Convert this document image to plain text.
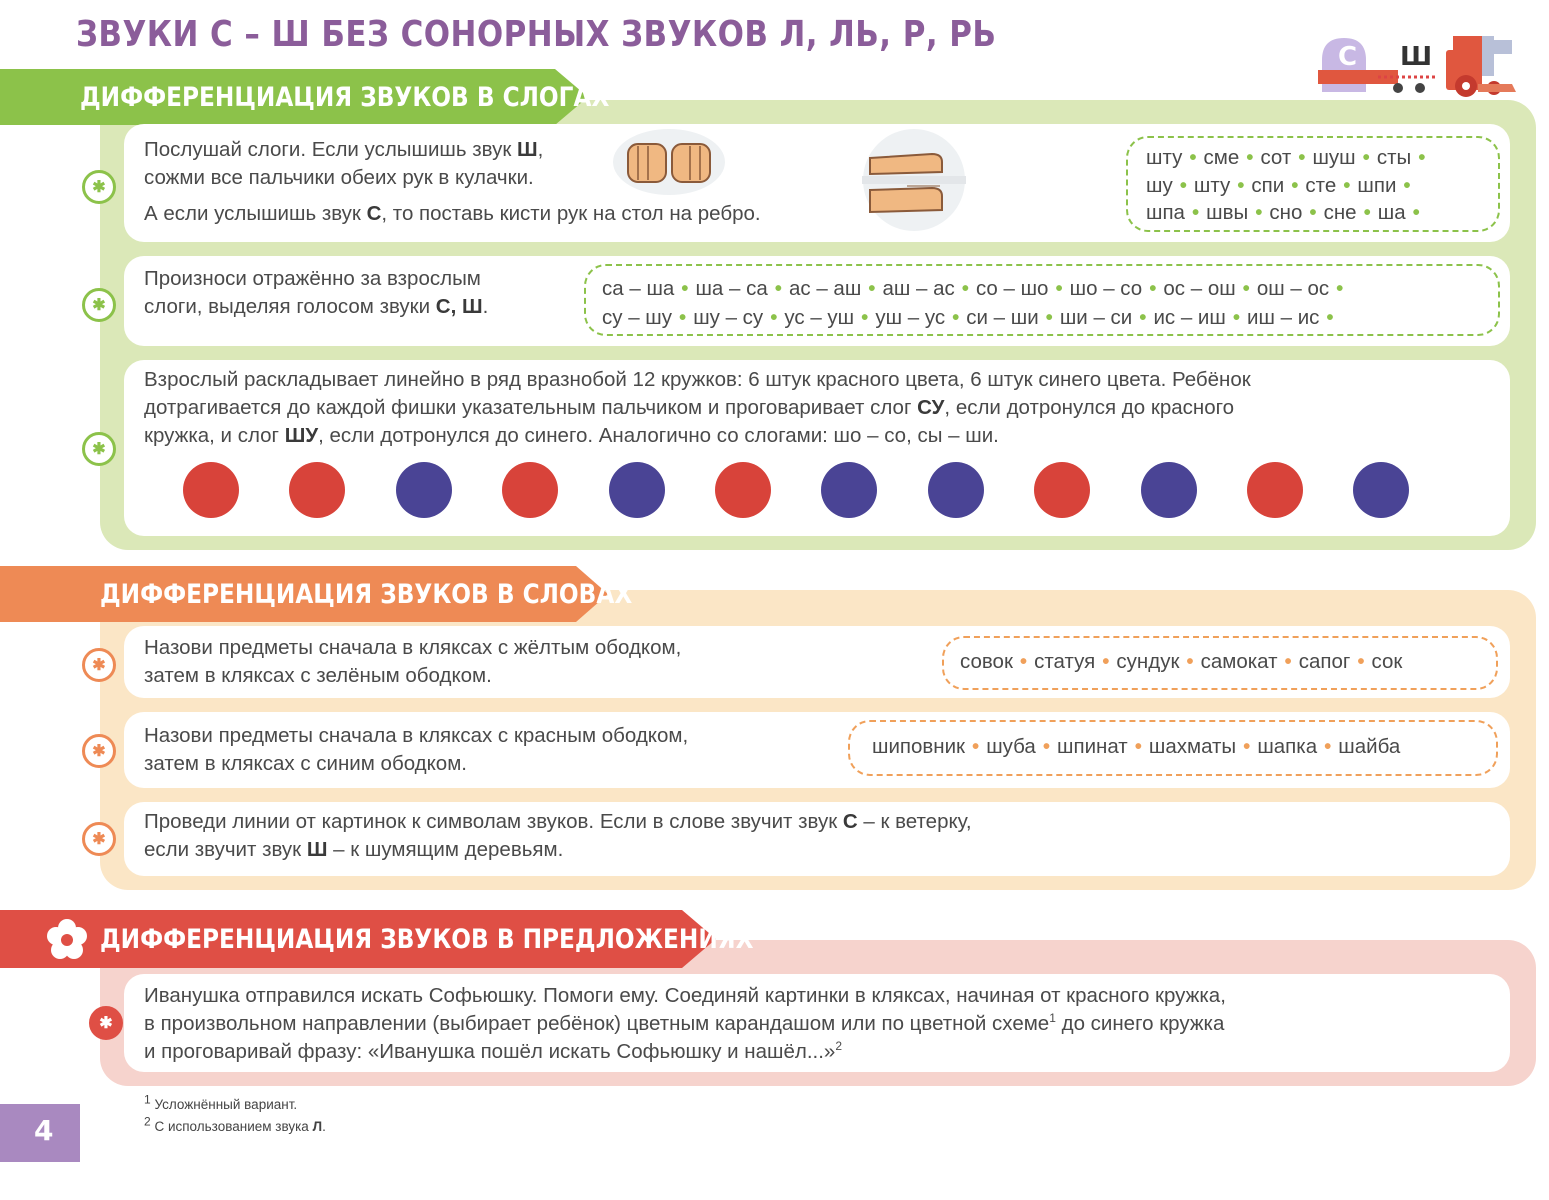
ЗВУКИ С – Ш БЕЗ СОНОРНЫХ ЗВУКОВ Л, ЛЬ, Р, РЬ
С Ш
ДИФФЕРЕНЦИАЦИЯ ЗВУКОВ В СЛОГАХ
✱
Послушай слоги. Если услышишь звук Ш,
сожми все пальчики обеих рук в кулачки.
А если услышишь звук С, то поставь кисти рук на стол на ребро.
шту • сме • сот • шуш • сты •
шу • шту • спи • сте • шпи •
шпа • швы • сно • сне • ша •
✱
Произноси отражённо за взрослым
слоги, выделяя голосом звуки С, Ш.
са – ша • ша – са • ас – аш • аш – ас • со – шо • шо – со • ос – ош • ош – ос •
су – шу • шу – су • ус – уш • уш – ус • си – ши • ши – си • ис – иш • иш – ис •
✱
Взрослый раскладывает линейно в ряд вразнобой 12 кружков: 6 штук красного цвета, 6 штук синего цвета. Ребёнок
дотрагивается до каждой фишки указательным пальчиком и проговаривает слог СУ, если дотронулся до красного
кружка, и слог ШУ, если дотронулся до синего. Аналогично со слогами: шо – со, сы – ши.
ДИФФЕРЕНЦИАЦИЯ ЗВУКОВ В СЛОВАХ
✱
Назови предметы сначала в кляксах с жёлтым ободком,
затем в кляксах с зелёным ободком.
совок • статуя • сундук • самокат • сапог • сок
✱
Назови предметы сначала в кляксах с красным ободком,
затем в кляксах с синим ободком.
шиповник • шуба • шпинат • шахматы • шапка • шайба
✱
Проведи линии от картинок к символам звуков. Если в слове звучит звук С – к ветерку,
если звучит звук Ш – к шумящим деревьям.
ДИФФЕРЕНЦИАЦИЯ ЗВУКОВ В ПРЕДЛОЖЕНИЯХ
✱
Иванушка отправился искать Софьюшку. Помоги ему. Соединяй картинки в кляксах, начиная от красного кружка,
в произвольном направлении (выбирает ребёнок) цветным карандашом или по цветной схеме$^1$ до синего кружка
и проговаривай фразу: «Иванушка пошёл искать Софьюшку и нашёл...»$^2$
1 Усложнённый вариант.
2 С использованием звука Л.
4
